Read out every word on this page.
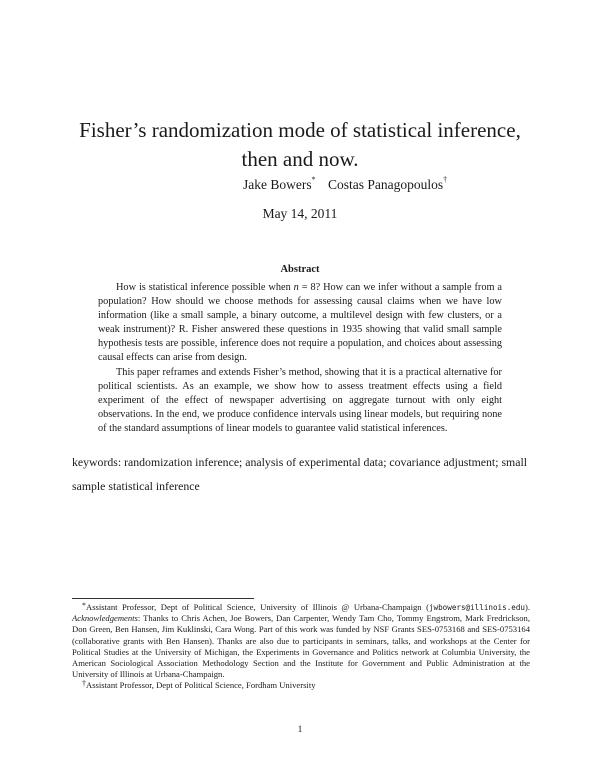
Fisher’s randomization mode of statistical inference,
then and now.
Jake Bowers* Costas Panagopoulos†
May 14, 2011
Abstract

How is statistical inference possible when n = 8? How can we infer without a sample from a population? How should we choose methods for assessing causal claims when we have low information (like a small sample, a binary outcome, a multilevel design with few clusters, or a weak instrument)? R. Fisher answered these questions in 1935 showing that valid small sample hypothesis tests are possible, inference does not require a population, and choices about assessing causal effects can arise from design.

This paper reframes and extends Fisher’s method, showing that it is a practical alternative for political scientists. As an example, we show how to assess treatment effects using a field experiment of the effect of newspaper advertising on aggregate turnout with only eight observations. In the end, we produce confidence intervals using linear models, but requiring none of the standard assumptions of linear models to guarantee valid statistical inferences.

keywords: randomization inference; analysis of experimental data; covariance adjustment; small sample statistical inference

*Assistant Professor, Dept of Political Science, University of Illinois @ Urbana-Champaign (jwbowers@illinois.edu). Acknowledgements: Thanks to Chris Achen, Joe Bowers, Dan Carpenter, Wendy Tam Cho, Tommy Engstrom, Mark Fredrickson, Don Green, Ben Hansen, Jim Kuklinski, Cara Wong. Part of this work was funded by NSF Grants SES-0753168 and SES-0753164 (collaborative grants with Ben Hansen). Thanks are also due to participants in seminars, talks, and workshops at the Center for Political Studies at the University of Michigan, the Experiments in Governance and Politics network at Columbia University, the American Sociological Association Methodology Section and the Institute for Government and Public Administration at the University of Illinois at Urbana-Champaign.

†Assistant Professor, Dept of Political Science, Fordham University

1
